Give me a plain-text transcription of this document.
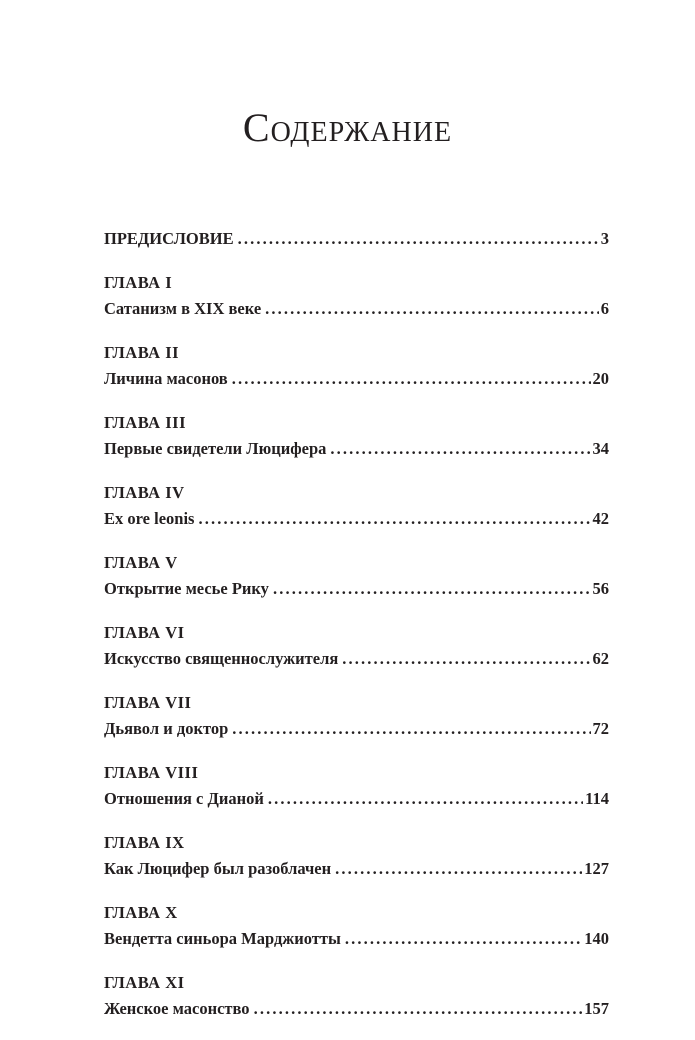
Содержание
ПРЕДИСЛОВИЕ . . .	3
ГЛАВА I
Сатанизм в XIX веке . . .	6
ГЛАВА II
Личина масонов . . .	20
ГЛАВА III
Первые свидетели Люцифера . . .	34
ГЛАВА IV
Ex ore leonis . . .	42
ГЛАВА V
Открытие месье Рику . . .	56
ГЛАВА VI
Искусство священнослужителя . . .	62
ГЛАВА VII
Дьявол и доктор . . .	72
ГЛАВА VIII
Отношения с Дианой . . .	114
ГЛАВА IX
Как Люцифер был разоблачен . . .	127
ГЛАВА X
Вендетта синьора Марджиотты . . .	140
ГЛАВА XI
Женское масонство . . .	157
